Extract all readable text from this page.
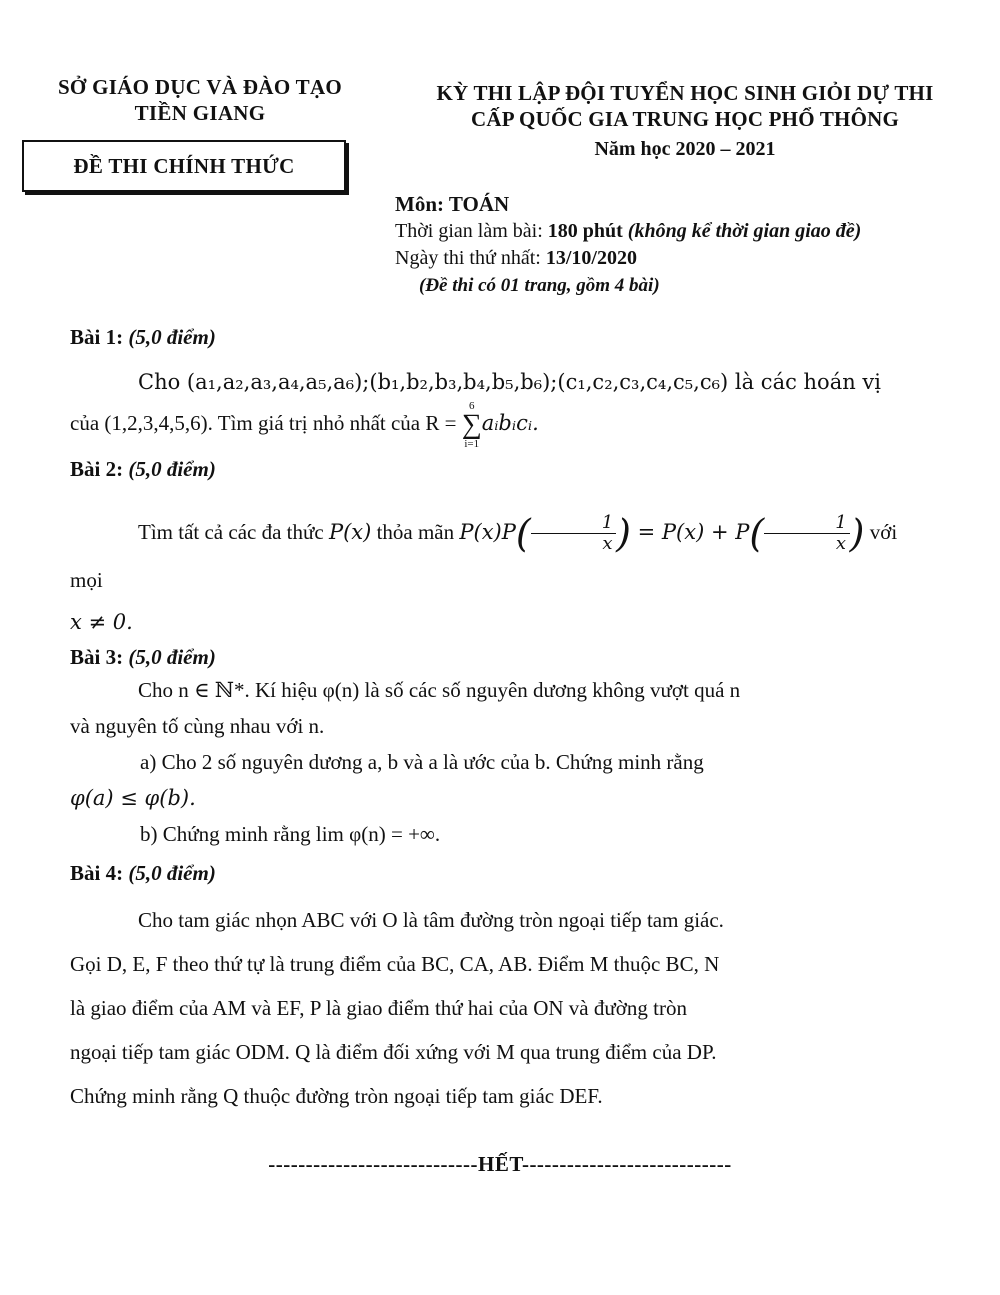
SỞ GIÁO DỤC VÀ ĐÀO TẠO
TIỀN GIANG
ĐỀ THI CHÍNH THỨC
KỲ THI LẬP ĐỘI TUYỂN HỌC SINH GIỎI DỰ THI
CẤP QUỐC GIA TRUNG HỌC PHỔ THÔNG
Năm học 2020 – 2021
Môn: TOÁN
Thời gian làm bài: 180 phút (không kể thời gian giao đề)
Ngày thi thứ nhất: 13/10/2020
(Đề thi có 01 trang, gồm 4 bài)

Bài 1: (5,0 điểm)

Cho (a₁,a₂,a₃,a₄,a₅,a₆);(b₁,b₂,b₃,b₄,b₅,b₆);(c₁,c₂,c₃,c₄,c₅,c₆) là các hoán vị

của (1,2,3,4,5,6). Tìm giá trị nhỏ nhất của R =
6
∑
i=1
aᵢbᵢcᵢ.

Bài 2: (5,0 điểm)

Tìm tất cả các đa thức P(x) thỏa mãn $P(x)P( \frac{1}{x}$ ) = $P(x) + P( \frac{1}{x}$ ) với mọi

x ≠ 0.

Bài 3: (5,0 điểm)

Cho n ∈ ℕ*. Kí hiệu φ(n) là số các số nguyên dương không vượt quá n

và nguyên tố cùng nhau với n.

a) Cho 2 số nguyên dương a, b và a là ước của b. Chứng minh rằng

φ(a) ≤ φ(b).

b) Chứng minh rằng lim φ(n) = +∞.

Bài 4: (5,0 điểm)

Cho tam giác nhọn ABC với O là tâm đường tròn ngoại tiếp tam giác.

Gọi D, E, F theo thứ tự là trung điểm của BC, CA, AB. Điểm M thuộc BC, N

là giao điểm của AM và EF, P là giao điểm thứ hai của ON và đường tròn

ngoại tiếp tam giác ODM. Q là điểm đối xứng với M qua trung điểm của DP.

Chứng minh rằng Q thuộc đường tròn ngoại tiếp tam giác DEF.

----------------------------HẾT----------------------------
